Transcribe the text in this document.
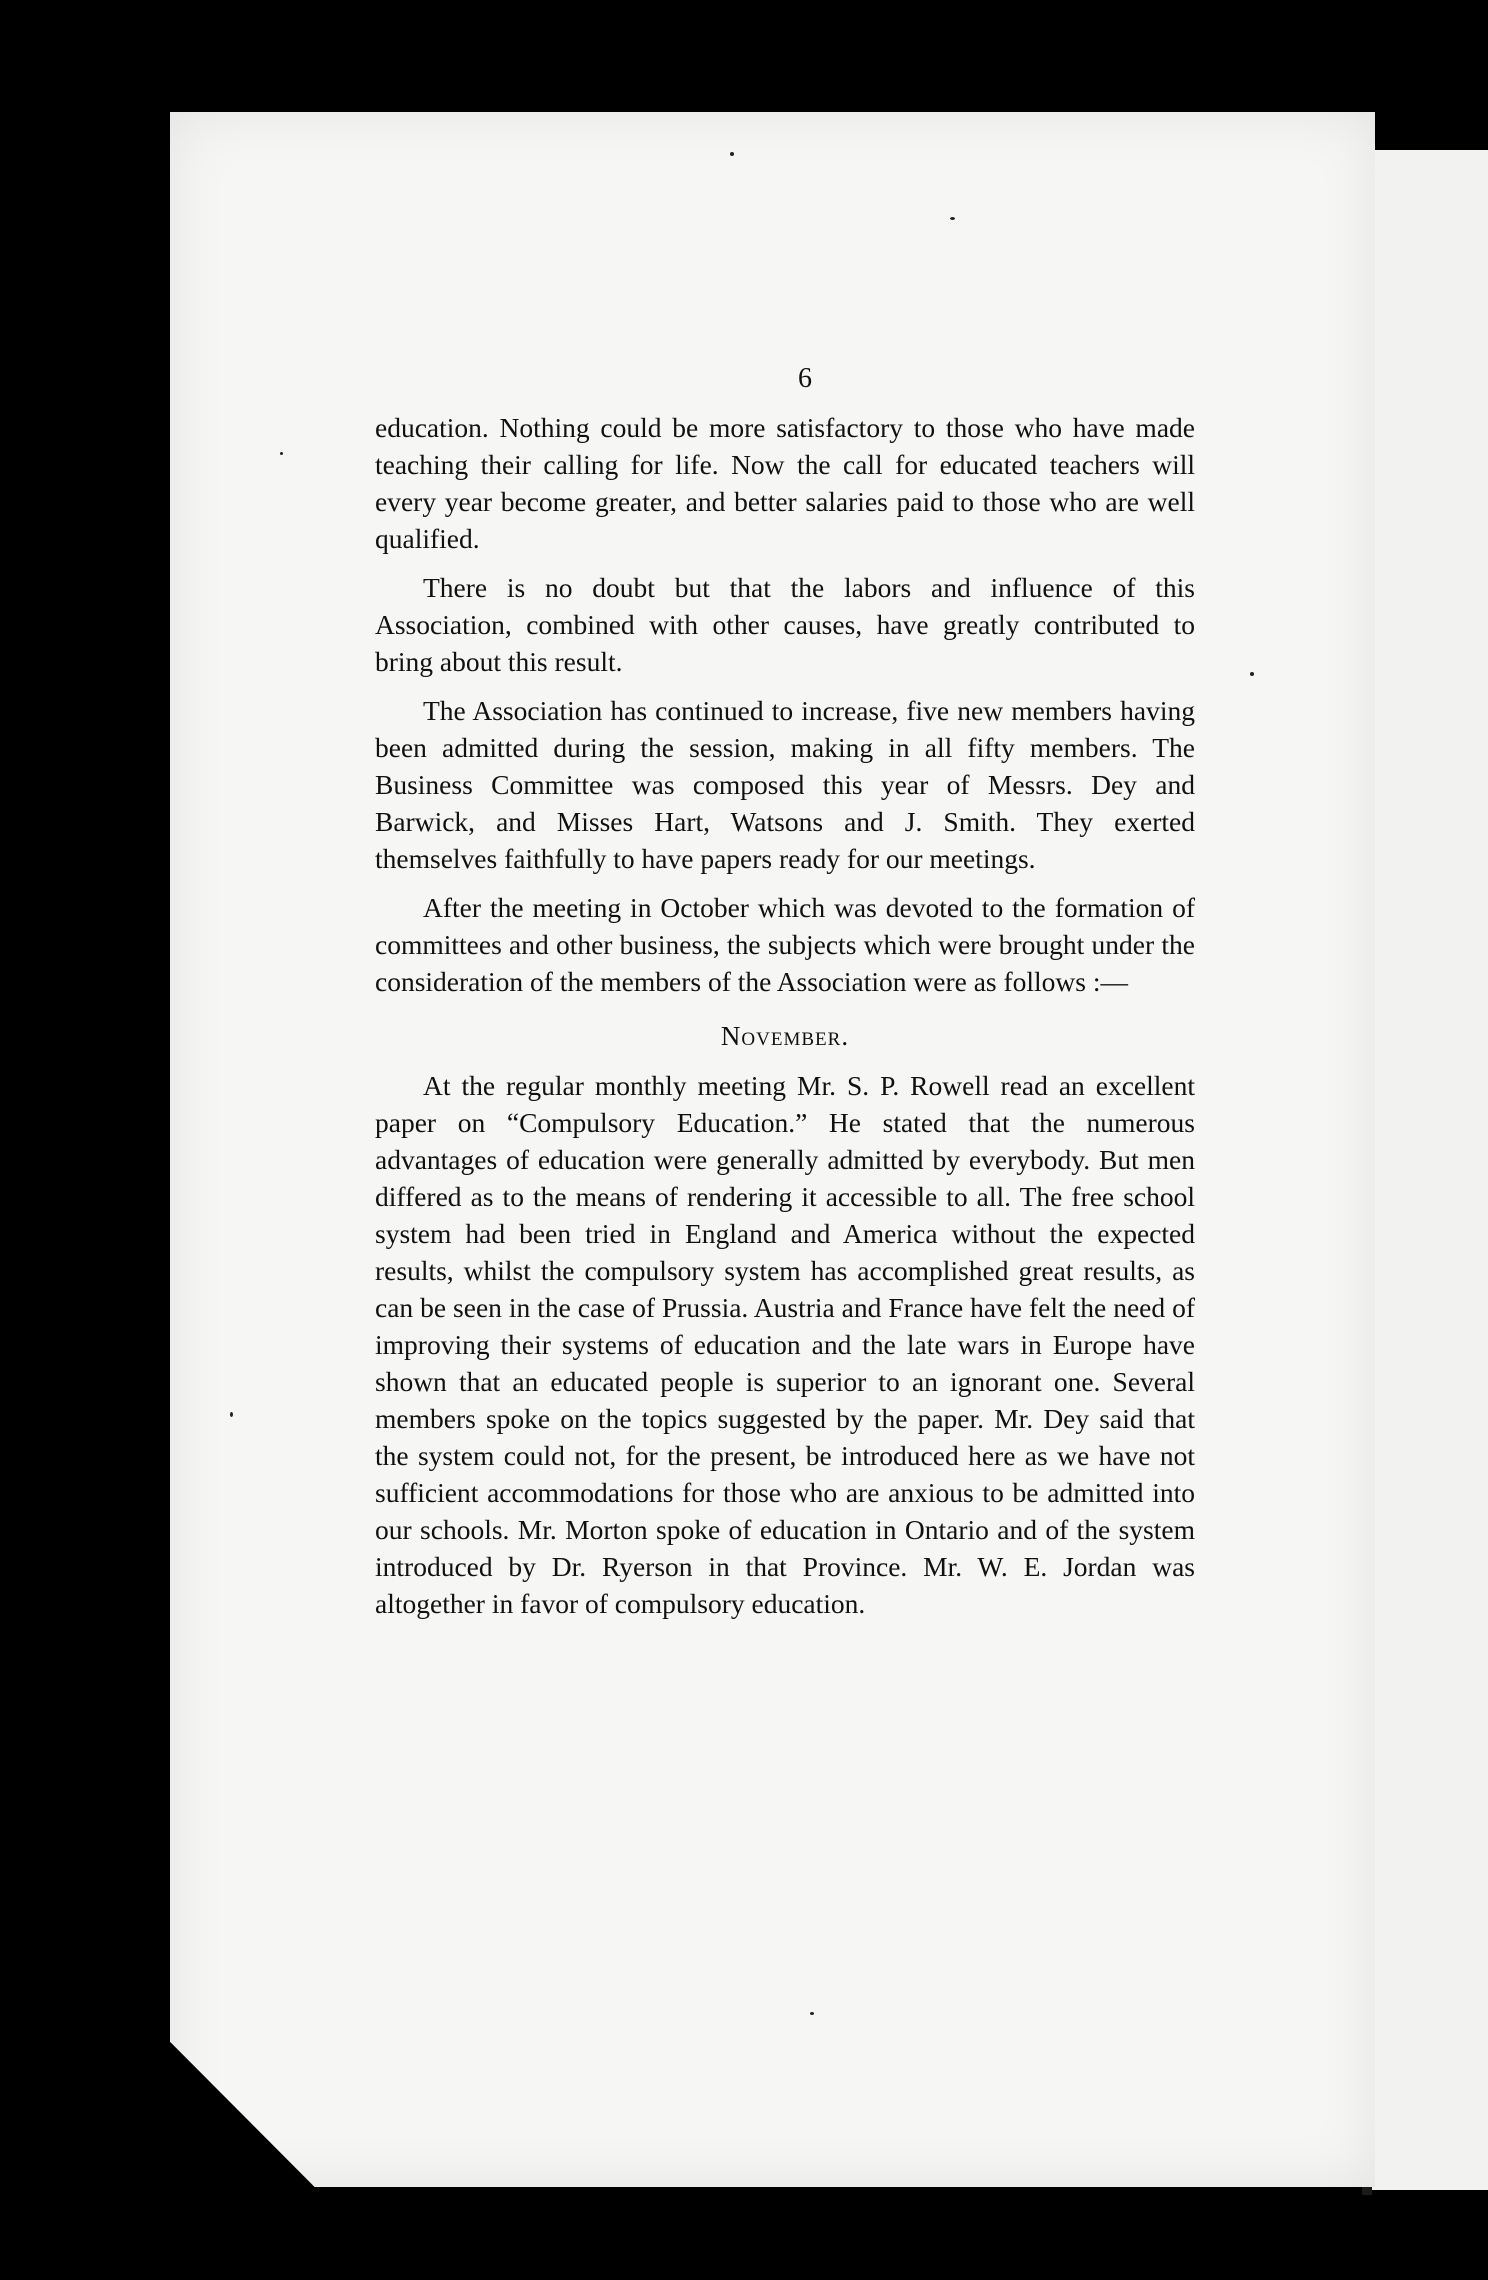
6

education. Nothing could be more satisfactory to those who have made teaching their calling for life. Now the call for educated teachers will every year become greater, and better salaries paid to those who are well qualified.

There is no doubt but that the labors and influence of this Association, combined with other causes, have greatly contributed to bring about this result.

The Association has continued to increase, five new members having been admitted during the session, making in all fifty members. The Business Committee was composed this year of Messrs. Dey and Barwick, and Misses Hart, Watsons and J. Smith. They exerted themselves faithfully to have papers ready for our meetings.

After the meeting in October which was devoted to the formation of committees and other business, the subjects which were brought under the consideration of the members of the Association were as follows :—

November.

At the regular monthly meeting Mr. S. P. Rowell read an excellent paper on “Compulsory Education.” He stated that the numerous advantages of education were generally admitted by everybody. But men differed as to the means of rendering it accessible to all. The free school system had been tried in England and America without the expected results, whilst the compulsory system has accomplished great results, as can be seen in the case of Prussia. Austria and France have felt the need of improving their systems of education and the late wars in Europe have shown that an educated people is superior to an ignorant one. Several members spoke on the topics suggested by the paper. Mr. Dey said that the system could not, for the present, be introduced here as we have not sufficient accommodations for those who are anxious to be admitted into our schools. Mr. Morton spoke of education in Ontario and of the system introduced by Dr. Ryerson in that Province. Mr. W. E. Jordan was altogether in favor of compulsory education.
